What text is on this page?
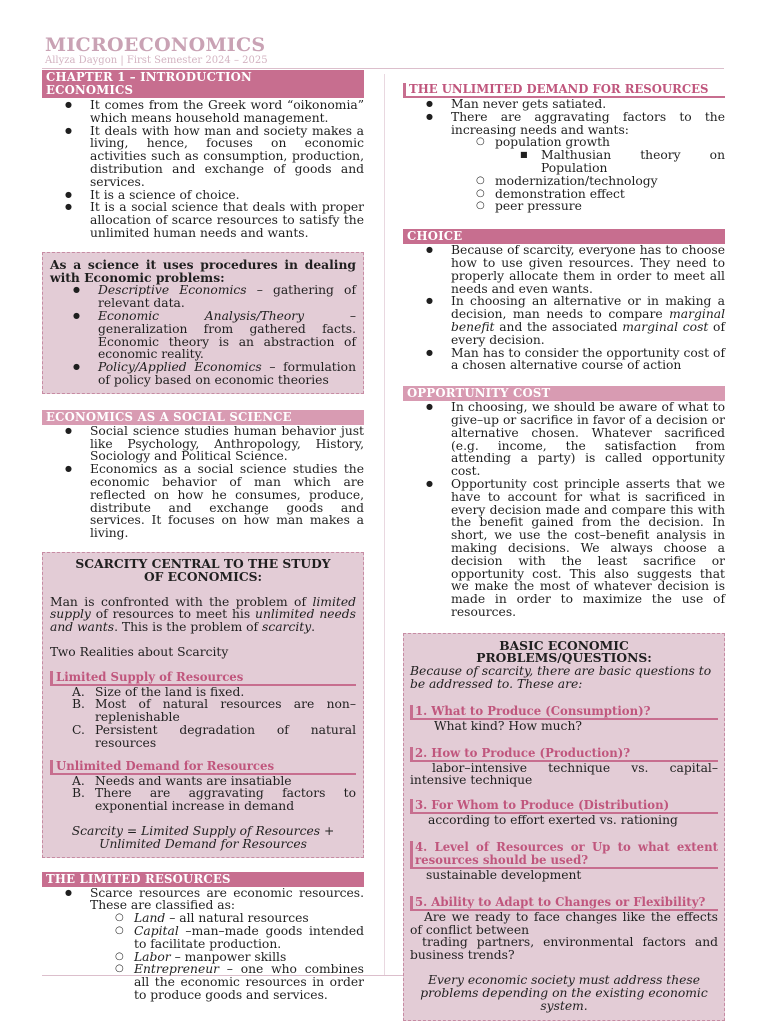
MICROECONOMICS
Allyza Daygon | First Semester 2024 – 2025
CHAPTER 1 – INTRODUCTION
ECONOMICS
● It comes from the Greek word “oikonomia” which means household management.
● It deals with how man and society makes a living, hence, focuses on economic activities such as consumption, production, distribution and exchange of goods and services.
● It is a science of choice.
● It is a social science that deals with proper allocation of scarce resources to satisfy the unlimited human needs and wants.

As a science it uses procedures in dealing with Economic problems:

● Descriptive Economics – gathering of relevant data.
● Economic Analysis/Theory – generalization from gathered facts. Economic theory is an abstraction of economic reality.
● Policy/Applied Economics – formulation of policy based on economic theories
ECONOMICS AS A SOCIAL SCIENCE
● Social science studies human behavior just like Psychology, Anthropology, History, Sociology and Political Science.
● Economics as a social science studies the economic behavior of man which are reflected on how he consumes, produce, distribute and exchange goods and services. It focuses on how man makes a living.

SCARCITY CENTRAL TO THE STUDY OF ECONOMICS:

Man is confronted with the problem of limited supply of resources to meet his unlimited needs and wants. This is the problem of scarcity.

Two Realities about Scarcity

Limited Supply of Resources
A. Size of the land is fixed.
B. Most of natural resources are non–replenishable
C. Persistent degradation of natural resources
Unlimited Demand for Resources
A. Needs and wants are insatiable
B. There are aggravating factors to exponential increase in demand

Scarcity = Limited Supply of Resources + Unlimited Demand for Resources

THE LIMITED RESOURCES
● Scarce resources are economic resources. These are classified as:
○ Land – all natural resources
○ Capital –man–made goods intended to facilitate production.
○ Labor – manpower skills
○ Entrepreneur – one who combines all the economic resources in order to produce goods and services.
THE UNLIMITED DEMAND FOR RESOURCES
● Man never gets satiated.
● There are aggravating factors to the increasing needs and wants:
○ population growth
■ Malthusian theory on Population
○ modernization/technology
○ demonstration effect
○ peer pressure
CHOICE
● Because of scarcity, everyone has to choose how to use given resources. They need to properly allocate them in order to meet all needs and even wants.
● In choosing an alternative or in making a decision, man needs to compare marginal benefit and the associated marginal cost of every decision.
● Man has to consider the opportunity cost of a chosen alternative course of action
OPPORTUNITY COST
● In choosing, we should be aware of what to give–up or sacrifice in favor of a decision or alternative chosen. Whatever sacrificed (e.g. income, the satisfaction from attending a party) is called opportunity cost.
● Opportunity cost principle asserts that we have to account for what is sacrificed in every decision made and compare this with the benefit gained from the decision. In short, we use the cost–benefit analysis in making decisions. We always choose a decision with the least sacrifice or opportunity cost. This also suggests that we make the most of whatever decision is made in order to maximize the use of resources.

BASIC ECONOMIC PROBLEMS/QUESTIONS:

Because of scarcity, there are basic questions to be addressed to. These are:

1. What to Produce (Consumption)?

What kind? How much?

2. How to Produce (Production)?

labor–intensive technique vs. capital–intensive technique

3. For Whom to Produce (Distribution)

according to effort exerted vs. rationing

4. Level of Resources or Up to what extent resources should be used?

sustainable development

5. Ability to Adapt to Changes or Flexibility?

Are we ready to face changes like the effects of conflict between

trading partners, environmental factors and business trends?

Every economic society must address these problems depending on the existing economic system.
